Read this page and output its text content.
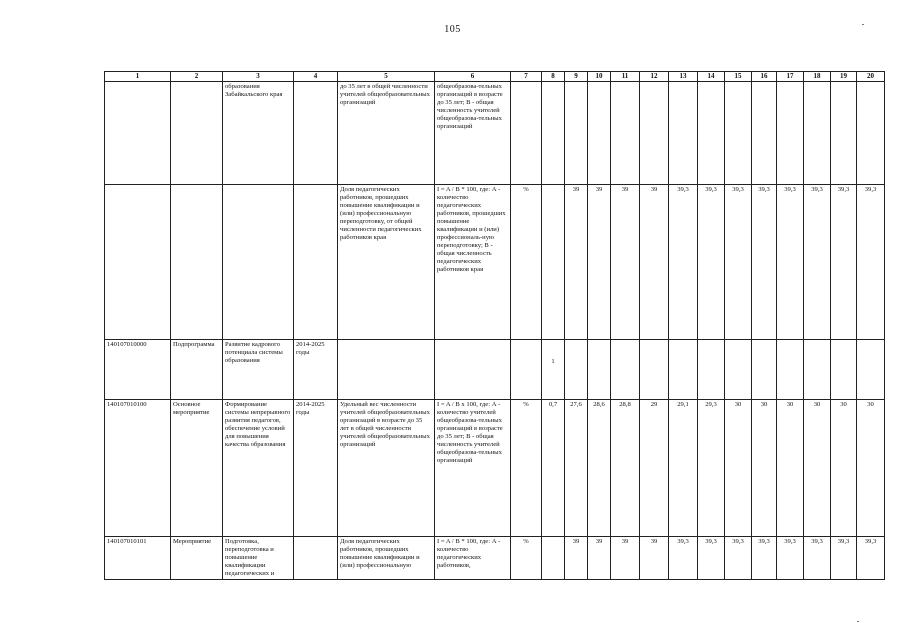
105
1	2	3	4	5	6	7	8	9	10	11	12	13	14	15	16	17	18	19	20
		образования Забайкальского края		до 35 лет в общей численности учителей общеобразовательных организаций	общеобразова-тельных организаций в возрасте до 35 лет; В - общая численность учителей общеобразова-тельных организаций														
				Доля педагогических работников, прошедших повышение квалификации и (или) профессиональную переподготовку, от общей численности педагогических работников края	I = A / B * 100, где: А - количество педагогических работников, прошедших повышение квалификации и (или) профессиональ-ную переподготовку; В - общая численность педагогических работников края	%		39	39	39	39	39,3	39,3	39,3	39,3	39,3	39,3	39,3	39,3
140107010000	Подпрограмма	Развитие кадрового потенциала системы образования	2014-2025 годы				1												
140107010100	Основное мероприятие	Формирование системы непрерывного развития педагогов, обеспечение условий для повышения качества образования	2014-2025 годы	Удельный вес численности учителей общеобразовательных организаций в возрасте до 35 лет в общей численности учителей общеобразовательных организаций	I = A / B x 100, где: А - количество учителей общеобразова-тельных организаций в возрасте до 35 лет; В - общая численность учителей общеобразова-тельных организаций	%	0,7	27,6	28,6	28,8	29	29,1	29,3	30	30	30	30	30	30
140107010101	Мероприятие	Подготовка, переподготовка и повышение квалификации педагогических и		Доля педагогических работников, прошедших повышение квалификации и (или) профессиональную	I = A / B * 100, где: А - количество педагогических работников,	%		39	39	39	39	39,3	39,3	39,3	39,3	39,3	39,3	39,3	39,3
